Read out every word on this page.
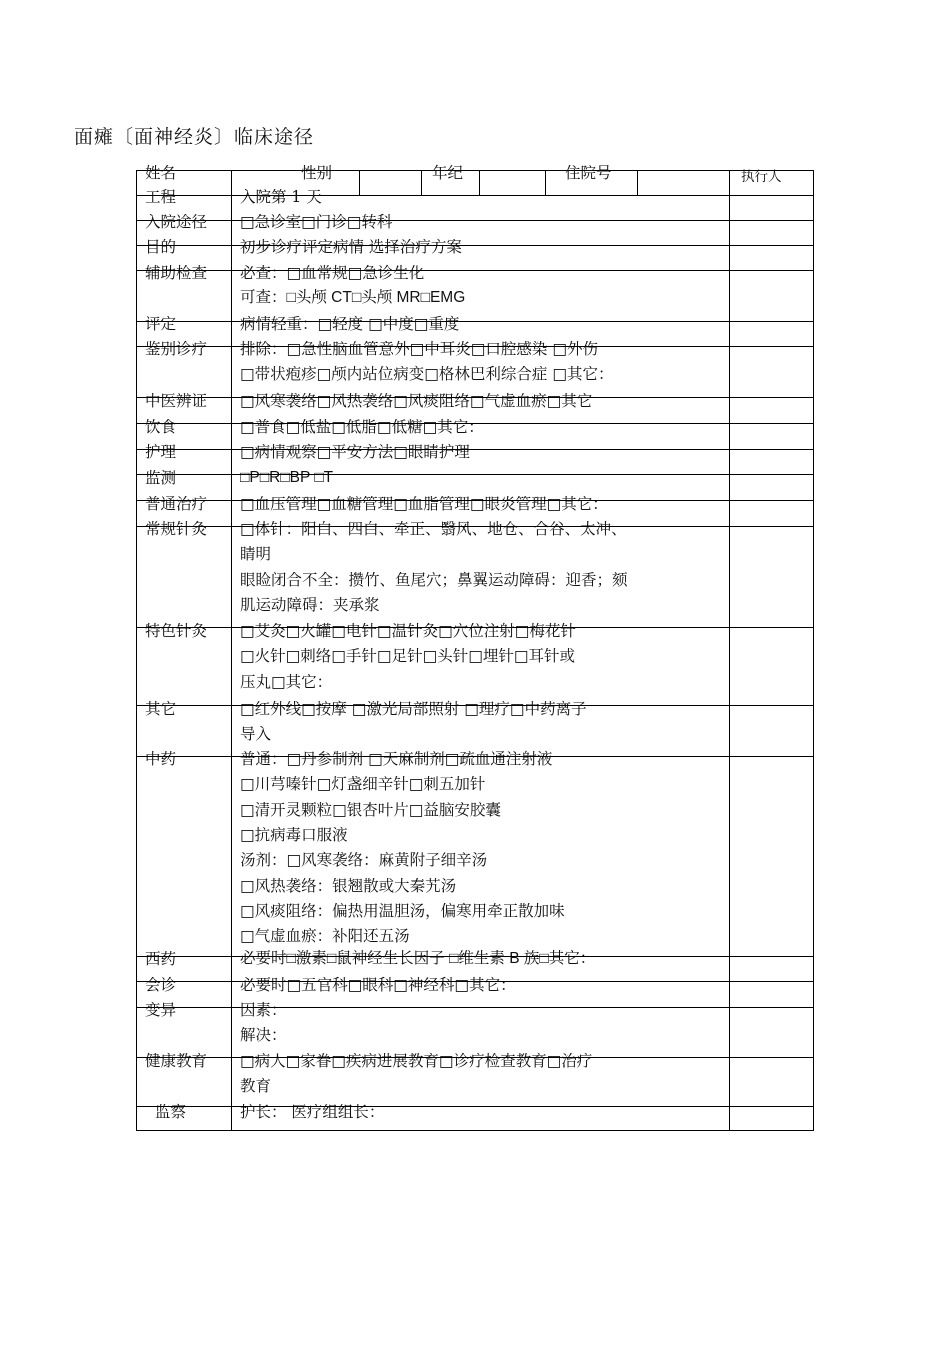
面瘫〔面神经炎〕临床途径
姓名	性别	年纪	住院号	执行人
工程	入院第 1 天
入院途径 □急诊室□门诊□转科
目的	初步诊疗评定病情 选择治疗方案
辅助检查 必查：□血常规□急诊生化
可查：□头颅 CT□头颅 MR□EMG
评定	病情轻重：□轻度 □中度□重度
鉴别诊疗 排除：□急性脑血管意外□中耳炎□口腔感染 □外伤
□带状疱疹□颅内站位病变□格林巴利综合症 □其它：
中医辨证 □风寒袭络□风热袭络□风痰阻络□气虚血瘀□其它
饮食	□普食□低盐□低脂□低糖□其它：
护理	□病情观察□平安方法□眼睛护理
监测	□P□R□BP □T
普通治疗 □血压管理□血糖管理□血脂管理□眼炎管理□其它：
常规针灸 □体针：阳白、四白、牵正、翳风、地仓、合谷、太冲、
睛明
眼睑闭合不全：攒竹、鱼尾穴；鼻翼运动障碍：迎香；颏
肌运动障碍：夹承浆
特色针灸 □艾灸□火罐□电针□温针灸□穴位注射□梅花针
□火针□刺络□手针□足针□头针□埋针□耳针或
压丸□其它：
其它	□红外线□按摩 □激光局部照射 □理疗□中药离子
导入
中药	普通：□丹参制剂 □天麻制剂□疏血通注射液
□川芎嗪针□灯盏细辛针□刺五加针
□清开灵颗粒□银杏叶片□益脑安胶囊
□抗病毒口服液
汤剂：□风寒袭络：麻黄附子细辛汤
□风热袭络：银翘散或大秦艽汤
□风痰阻络：偏热用温胆汤，偏寒用牵正散加味
□气虚血瘀：补阳还五汤
西药	必要时□激素□鼠神经生长因子 □维生素 B 族□其它：
会诊	必要时□五官科□眼科□神经科□其它：
变异	因素：
解决：
健康教育 □病人□家眷□疾病进展教育□诊疗检查教育□治疗
教育
监察	护长： 医疗组组长：
